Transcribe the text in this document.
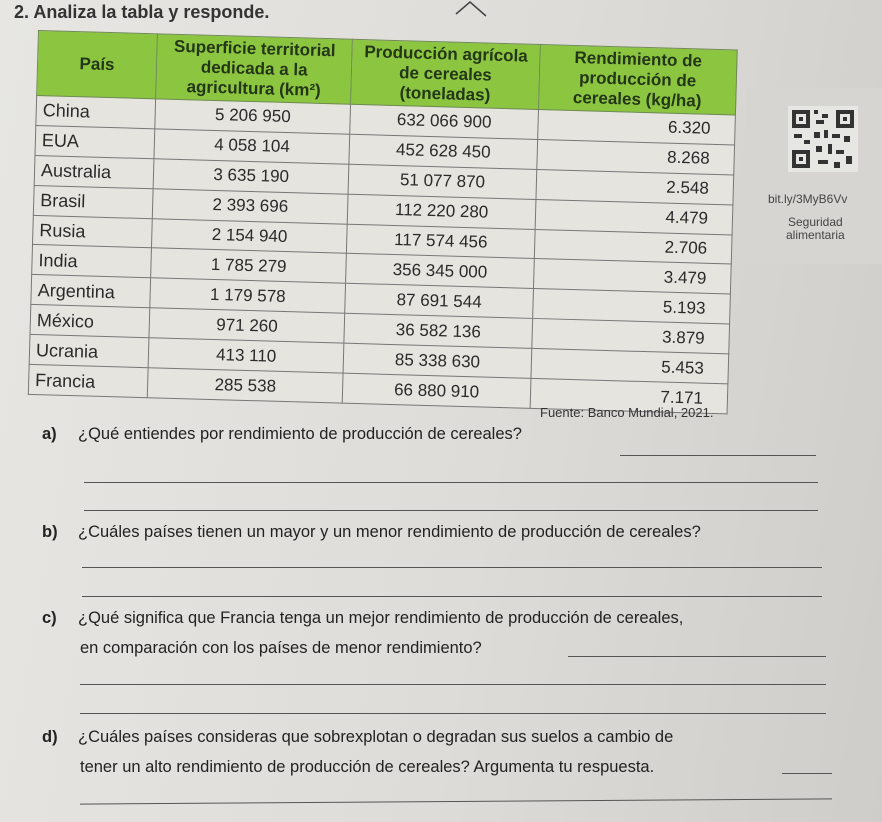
2. Analiza la tabla y responde.
País	Superficie territorial dedicada a la agricultura (km²)	Producción agrícola de cereales (toneladas)	Rendimiento de producción de cereales (kg/ha)
China	5 206 950	632 066 900	6.320
EUA	4 058 104	452 628 450	8.268
Australia	3 635 190	51 077 870	2.548
Brasil	2 393 696	112 220 280	4.479
Rusia	2 154 940	117 574 456	2.706
India	1 785 279	356 345 000	3.479
Argentina	1 179 578	87 691 544	5.193
México	971 260	36 582 136	3.879
Ucrania	413 110	85 338 630	5.453
Francia	285 538	66 880 910	7.171
Fuente: Banco Mundial, 2021.
bit.ly/3MyB6Vv
Seguridad
alimentaria
a) ¿Qué entiendes por rendimiento de producción de cereales?
b) ¿Cuáles países tienen un mayor y un menor rendimiento de producción de cereales?
c) ¿Qué significa que Francia tenga un mejor rendimiento de producción de cereales,
en comparación con los países de menor rendimiento?
d) ¿Cuáles países consideras que sobrexplotan o degradan sus suelos a cambio de
tener un alto rendimiento de producción de cereales? Argumenta tu respuesta.
